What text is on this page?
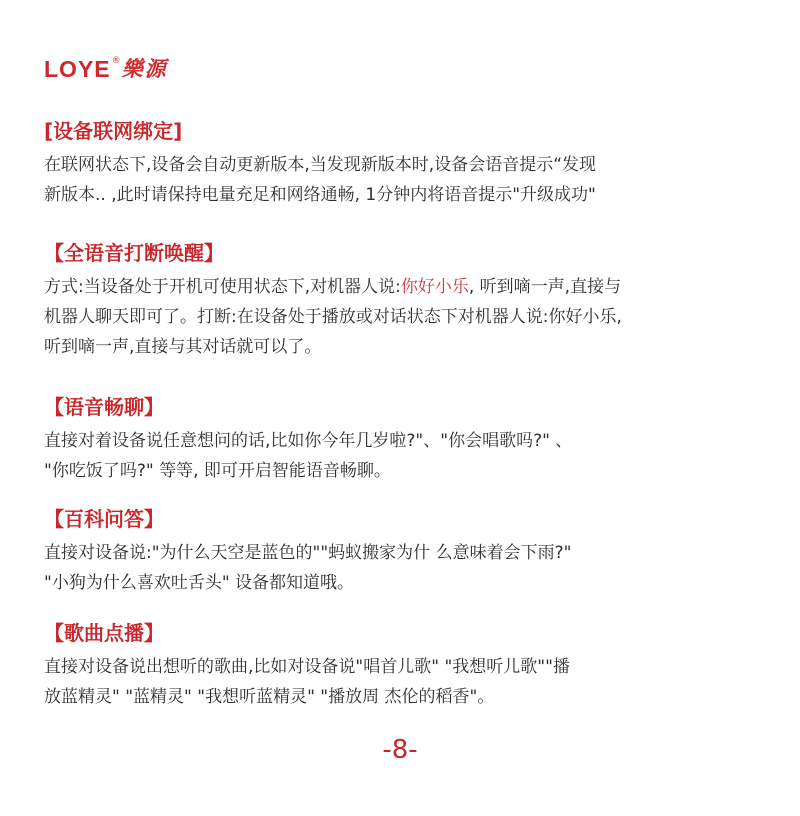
LOYE ® 樂源
[设备联网绑定]
在联网状态下,设备会自动更新版本,当发现新版本时,设备会语音提示“发现
新版本.. ,此时请保持电量充足和网络通畅, 1分钟内将语音提示"升级成功"
【全语音打断唤醒】
方式:当设备处于开机可使用状态下,对机器人说:你好小乐, 听到嘀一声,直接与
机器人聊天即可了。打断:在设备处于播放或对话状态下对机器人说:你好小乐,
听到嘀一声,直接与其对话就可以了。
【语音畅聊】
直接对着设备说任意想问的话,比如你今年几岁啦?"、"你会唱歌吗?" 、
"你吃饭了吗?" 等等, 即可开启智能语音畅聊。
【百科问答】
直接对设备说:"为什么天空是蓝色的""蚂蚁搬家为什 么意味着会下雨?"
"小狗为什么喜欢吐舌头" 设备都知道哦。
【歌曲点播】
直接对设备说出想听的歌曲,比如对设备说"唱首儿歌" "我想听儿歌""播
放蓝精灵" "蓝精灵" "我想听蓝精灵" "播放周 杰伦的稻香"。
-8-
